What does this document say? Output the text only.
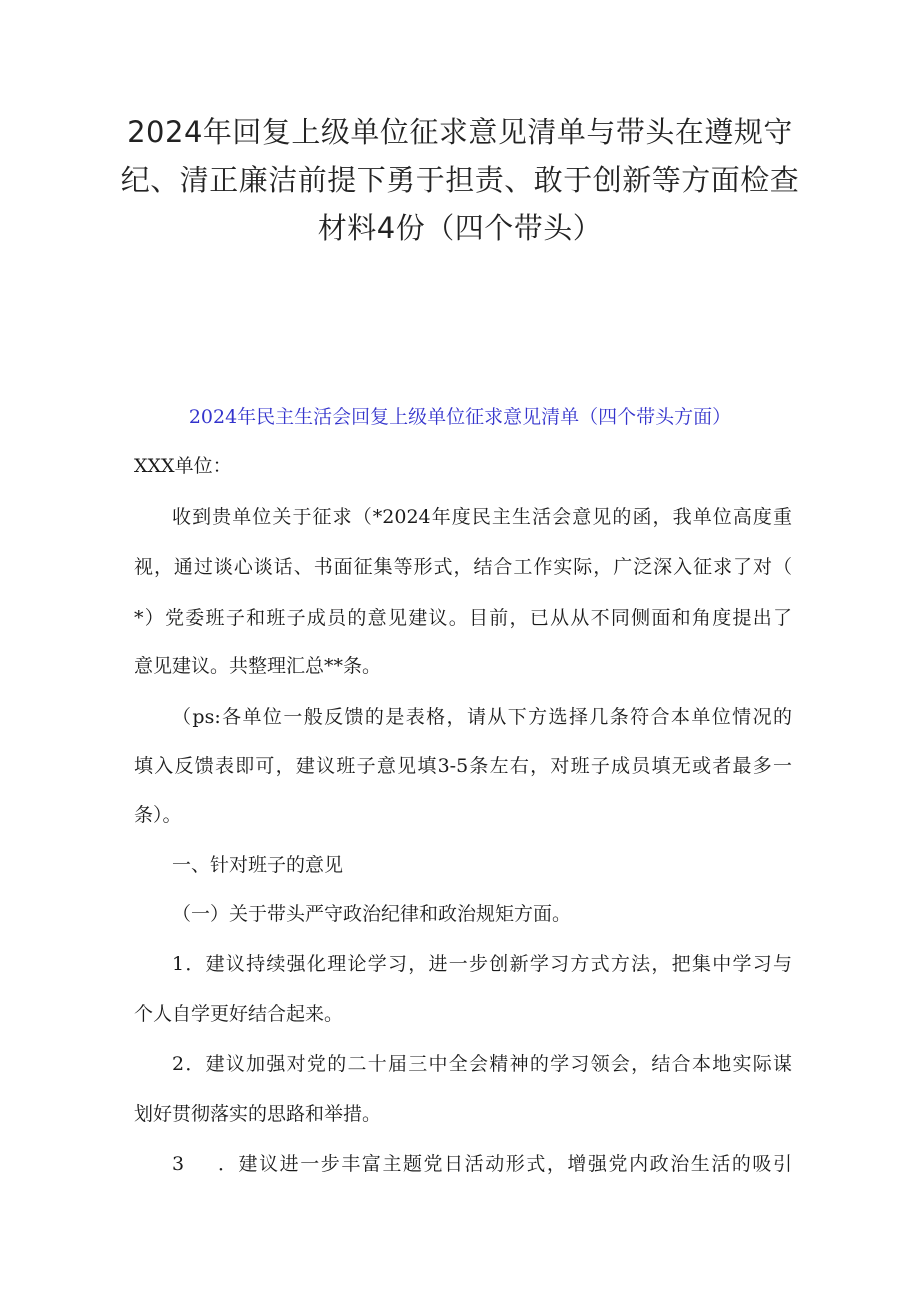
2024年回复上级单位征求意见清单与带头在遵规守
纪、清正廉洁前提下勇于担责、敢于创新等方面检查
材料4份（四个带头）
2024年民主生活会回复上级单位征求意见清单（四个带头方面）
XXX单位：
收到贵单位关于征求（*2024年度民主生活会意见的函，我单位高度重
视，通过谈心谈话、书面征集等形式，结合工作实际，广泛深入征求了对（
*）党委班子和班子成员的意见建议。目前，已从从不同侧面和角度提出了
意见建议。共整理汇总**条。
（ps:各单位一般反馈的是表格，请从下方选择几条符合本单位情况的
填入反馈表即可，建议班子意见填3-5条左右，对班子成员填无或者最多一
条）。
一、针对班子的意见
（一）关于带头严守政治纪律和政治规矩方面。
1．建议持续强化理论学习，进一步创新学习方式方法，把集中学习与
个人自学更好结合起来。
2．建议加强对党的二十届三中全会精神的学习领会，结合本地实际谋
划好贯彻落实的思路和举措。
3 ．建议进一步丰富主题党日活动形式，增强党内政治生活的吸引
